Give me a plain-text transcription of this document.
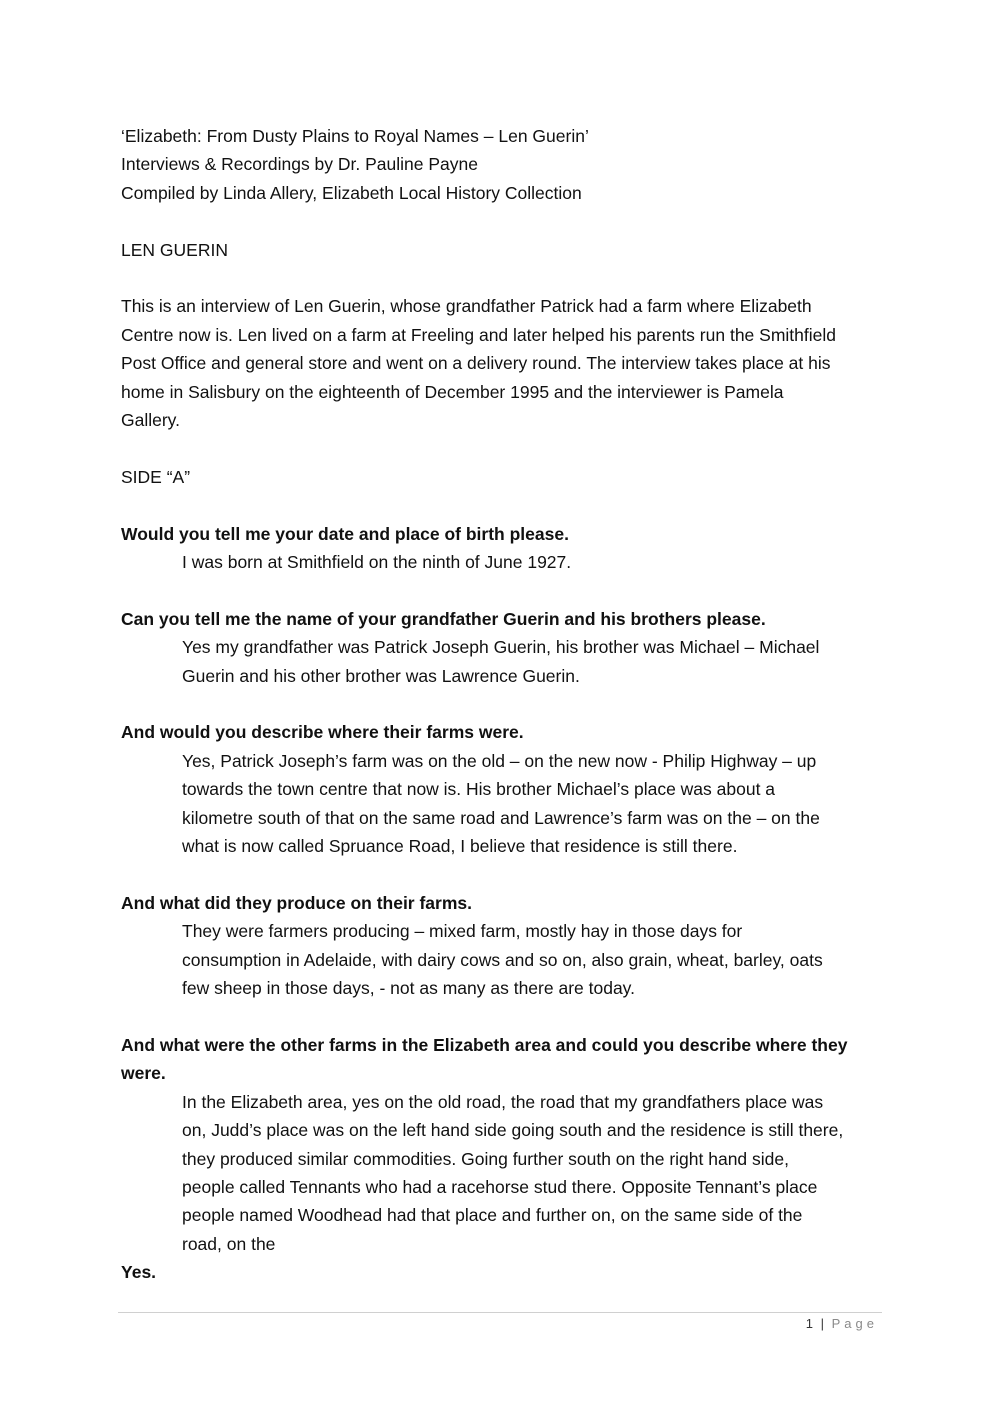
‘Elizabeth: From Dusty Plains to Royal Names – Len Guerin’
Interviews & Recordings by Dr. Pauline Payne
Compiled by Linda Allery, Elizabeth Local History Collection
LEN GUERIN
This is an interview of Len Guerin, whose grandfather Patrick had a farm where Elizabeth
Centre now is. Len lived on a farm at Freeling and later helped his parents run the Smithfield
Post Office and general store and went on a delivery round. The interview takes place at his
home in Salisbury on the eighteenth of December 1995 and the interviewer is Pamela
Gallery.
SIDE “A”
Would you tell me your date and place of birth please.
I was born at Smithfield on the ninth of June 1927.
Can you tell me the name of your grandfather Guerin and his brothers please.
Yes my grandfather was Patrick Joseph Guerin, his brother was Michael – Michael
Guerin and his other brother was Lawrence Guerin.
And would you describe where their farms were.
Yes, Patrick Joseph’s farm was on the old – on the new now - Philip Highway – up
towards the town centre that now is. His brother Michael’s place was about a
kilometre south of that on the same road and Lawrence’s farm was on the – on the
what is now called Spruance Road, I believe that residence is still there.
And what did they produce on their farms.
They were farmers producing – mixed farm, mostly hay in those days for
consumption in Adelaide, with dairy cows and so on, also grain, wheat, barley, oats
few sheep in those days, - not as many as there are today.
And what were the other farms in the Elizabeth area and could you describe where they
were.
In the Elizabeth area, yes on the old road, the road that my grandfathers place was
on, Judd’s place was on the left hand side going south and the residence is still there,
they produced similar commodities. Going further south on the right hand side,
people called Tennants who had a racehorse stud there. Opposite Tennant’s place
people named Woodhead had that place and further on, on the same side of the
road, on the
Yes.
1 | Page
